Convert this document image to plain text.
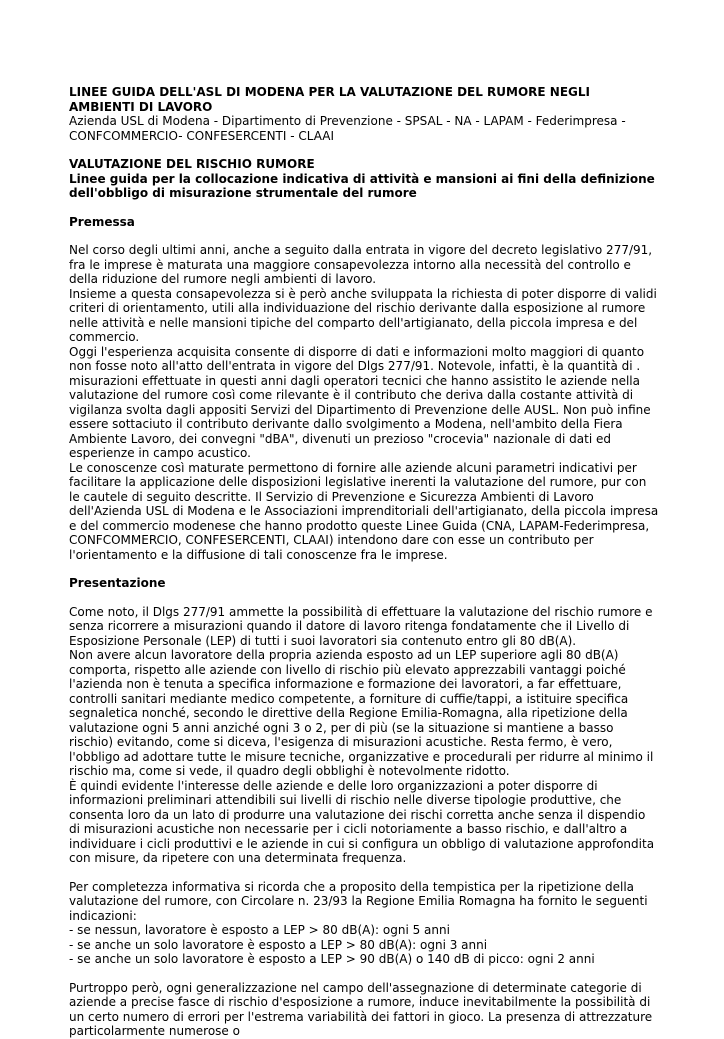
LINEE GUIDA DELL'ASL DI MODENA PER LA VALUTAZIONE DEL RUMORE NEGLI AMBIENTI DI LAVORO

Azienda USL di Modena - Dipartimento di Prevenzione - SPSAL - NA - LAPAM - Federimpresa - CONFCOMMERCIO- CONFESERCENTI - CLAAI

VALUTAZIONE DEL RISCHIO RUMORE

Linee guida per la collocazione indicativa di attività e mansioni ai fini della definizione dell'obbligo di misurazione strumentale del rumore

Premessa

Nel corso degli ultimi anni, anche a seguito dalla entrata in vigore del decreto legislativo 277/91, fra le imprese è maturata una maggiore consapevolezza intorno alla necessità del controllo e della riduzione del rumore negli ambienti di lavoro.

Insieme a questa consapevolezza si è però anche sviluppata la richiesta di poter disporre di validi criteri di orientamento, utili alla individuazione del rischio derivante dalla esposizione al rumore nelle attività e nelle mansioni tipiche del comparto dell'artigianato, della piccola impresa e del commercio.

Oggi l'esperienza acquisita consente di disporre di dati e informazioni molto maggiori di quanto non fosse noto all'atto dell'entrata in vigore del Dlgs 277/91. Notevole, infatti, è la quantità di . misurazioni effettuate in questi anni dagli operatori tecnici che hanno assistito le aziende nella valutazione del rumore così come rilevante è il contributo che deriva dalla costante attività di vigilanza svolta dagli appositi Servizi del Dipartimento di Prevenzione delle AUSL. Non può infine essere sottaciuto il contributo derivante dallo svolgimento a Modena, nell'ambito della Fiera Ambiente Lavoro, dei convegni "dBA", divenuti un prezioso "crocevia" nazionale di dati ed esperienze in campo acustico.

Le conoscenze così maturate permettono di fornire alle aziende alcuni parametri indicativi per facilitare la applicazione delle disposizioni legislative inerenti la valutazione del rumore, pur con le cautele di seguito descritte. Il Servizio di Prevenzione e Sicurezza Ambienti di Lavoro dell'Azienda USL di Modena e le Associazioni imprenditoriali dell'artigianato, della piccola impresa e del commercio modenese che hanno prodotto queste Linee Guida (CNA, LAPAM-Federimpresa, CONFCOMMERCIO, CONFESERCENTI, CLAAI) intendono dare con esse un contributo per l'orientamento e la diffusione di tali conoscenze fra le imprese.

Presentazione

Come noto, il Dlgs 277/91 ammette la possibilità di effettuare la valutazione del rischio rumore e senza ricorrere a misurazioni quando il datore di lavoro ritenga fondatamente che il Livello di Esposizione Personale (LEP) di tutti i suoi lavoratori sia contenuto entro gli 80 dB(A).

Non avere alcun lavoratore della propria azienda esposto ad un LEP superiore agli 80 dB(A) comporta, rispetto alle aziende con livello di rischio più elevato apprezzabili vantaggi poiché l'azienda non è tenuta a specifica informazione e formazione dei lavoratori, a far effettuare, controlli sanitari mediante medico competente, a forniture di cuffie/tappi, a istituire specifica segnaletica nonché, secondo le direttive della Regione Emilia-Romagna, alla ripetizione della valutazione ogni 5 anni anziché ogni 3 o 2, per di più (se la situazione si mantiene a basso rischio) evitando, come si diceva, l'esigenza di misurazioni acustiche. Resta fermo, è vero, l'obbligo ad adottare tutte le misure tecniche, organizzative e procedurali per ridurre al minimo il rischio ma, come si vede, il quadro degli obblighi è notevolmente ridotto.

È quindi evidente l'interesse delle aziende e delle loro organizzazioni a poter disporre di informazioni preliminari attendibili sui livelli di rischio nelle diverse tipologie produttive, che consenta loro da un lato di produrre una valutazione dei rischi corretta anche senza il dispendio di misurazioni acustiche non necessarie per i cicli notoriamente a basso rischio, e dall'altro a individuare i cicli produttivi e le aziende in cui si configura un obbligo di valutazione approfondita con misure, da ripetere con una determinata frequenza.

Per completezza informativa si ricorda che a proposito della tempistica per la ripetizione della valutazione del rumore, con Circolare n. 23/93 la Regione Emilia Romagna ha fornito le seguenti indicazioni:

- se nessun, lavoratore è esposto a LEP > 80 dB(A): ogni 5 anni

- se anche un solo lavoratore è esposto a LEP > 80 dB(A): ogni 3 anni

- se anche un solo lavoratore è esposto a LEP > 90 dB(A) o 140 dB di picco: ogni 2 anni

Purtroppo però, ogni generalizzazione nel campo dell'assegnazione di determinate categorie di aziende a precise fasce di rischio d'esposizione a rumore, induce inevitabilmente la possibilità di un certo numero di errori per l'estrema variabilità dei fattori in gioco. La presenza di attrezzature particolarmente numerose o
